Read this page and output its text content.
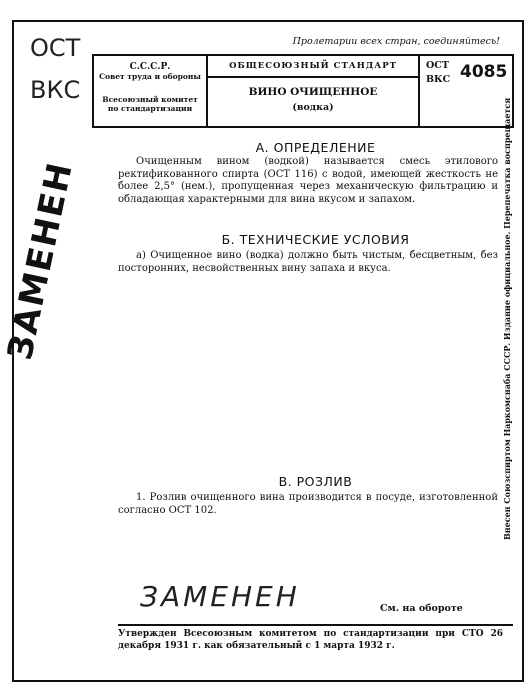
ОСТ
ВКС
ЗАМЕНЕН
ЗАМЕНЕН
Пролетарии всех стран, соединяйтесь!
С.С.С.Р.
Совет труда и обороны
Всесоюзный комитет
по стандартизации
ОБЩЕСОЮЗНЫЙ СТАНДАРТ
ВИНО ОЧИЩЕННОЕ
(водка)
ОСТ
ВКС 4085
А. ОПРЕДЕЛЕНИЕ
Очищенным вином (водкой) называется смесь этилового ректификованного спирта (ОСТ 116) с водой, имеющей жесткость не более 2,5° (нем.), пропущенная через механическую фильтрацию и обладающая характерными для вина вкусом и запахом.
Б. ТЕХНИЧЕСКИЕ УСЛОВИЯ
а) Очищенное вино (водка) должно быть чистым, бесцветным, без посторонних, несвойственных вину запаха и вкуса.
В. РОЗЛИВ
1. Розлив очищенного вина производится в посуде, изготовленной согласно ОСТ 102.
См. на обороте
Утвержден Всесоюзным комитетом по стандартизации при СТО 26 декабря 1931 г. как обязательный с 1 марта 1932 г.
Внесен Союзспиртом Наркомснаба СССР. Издание официальное. Перепечатка воспрещается
